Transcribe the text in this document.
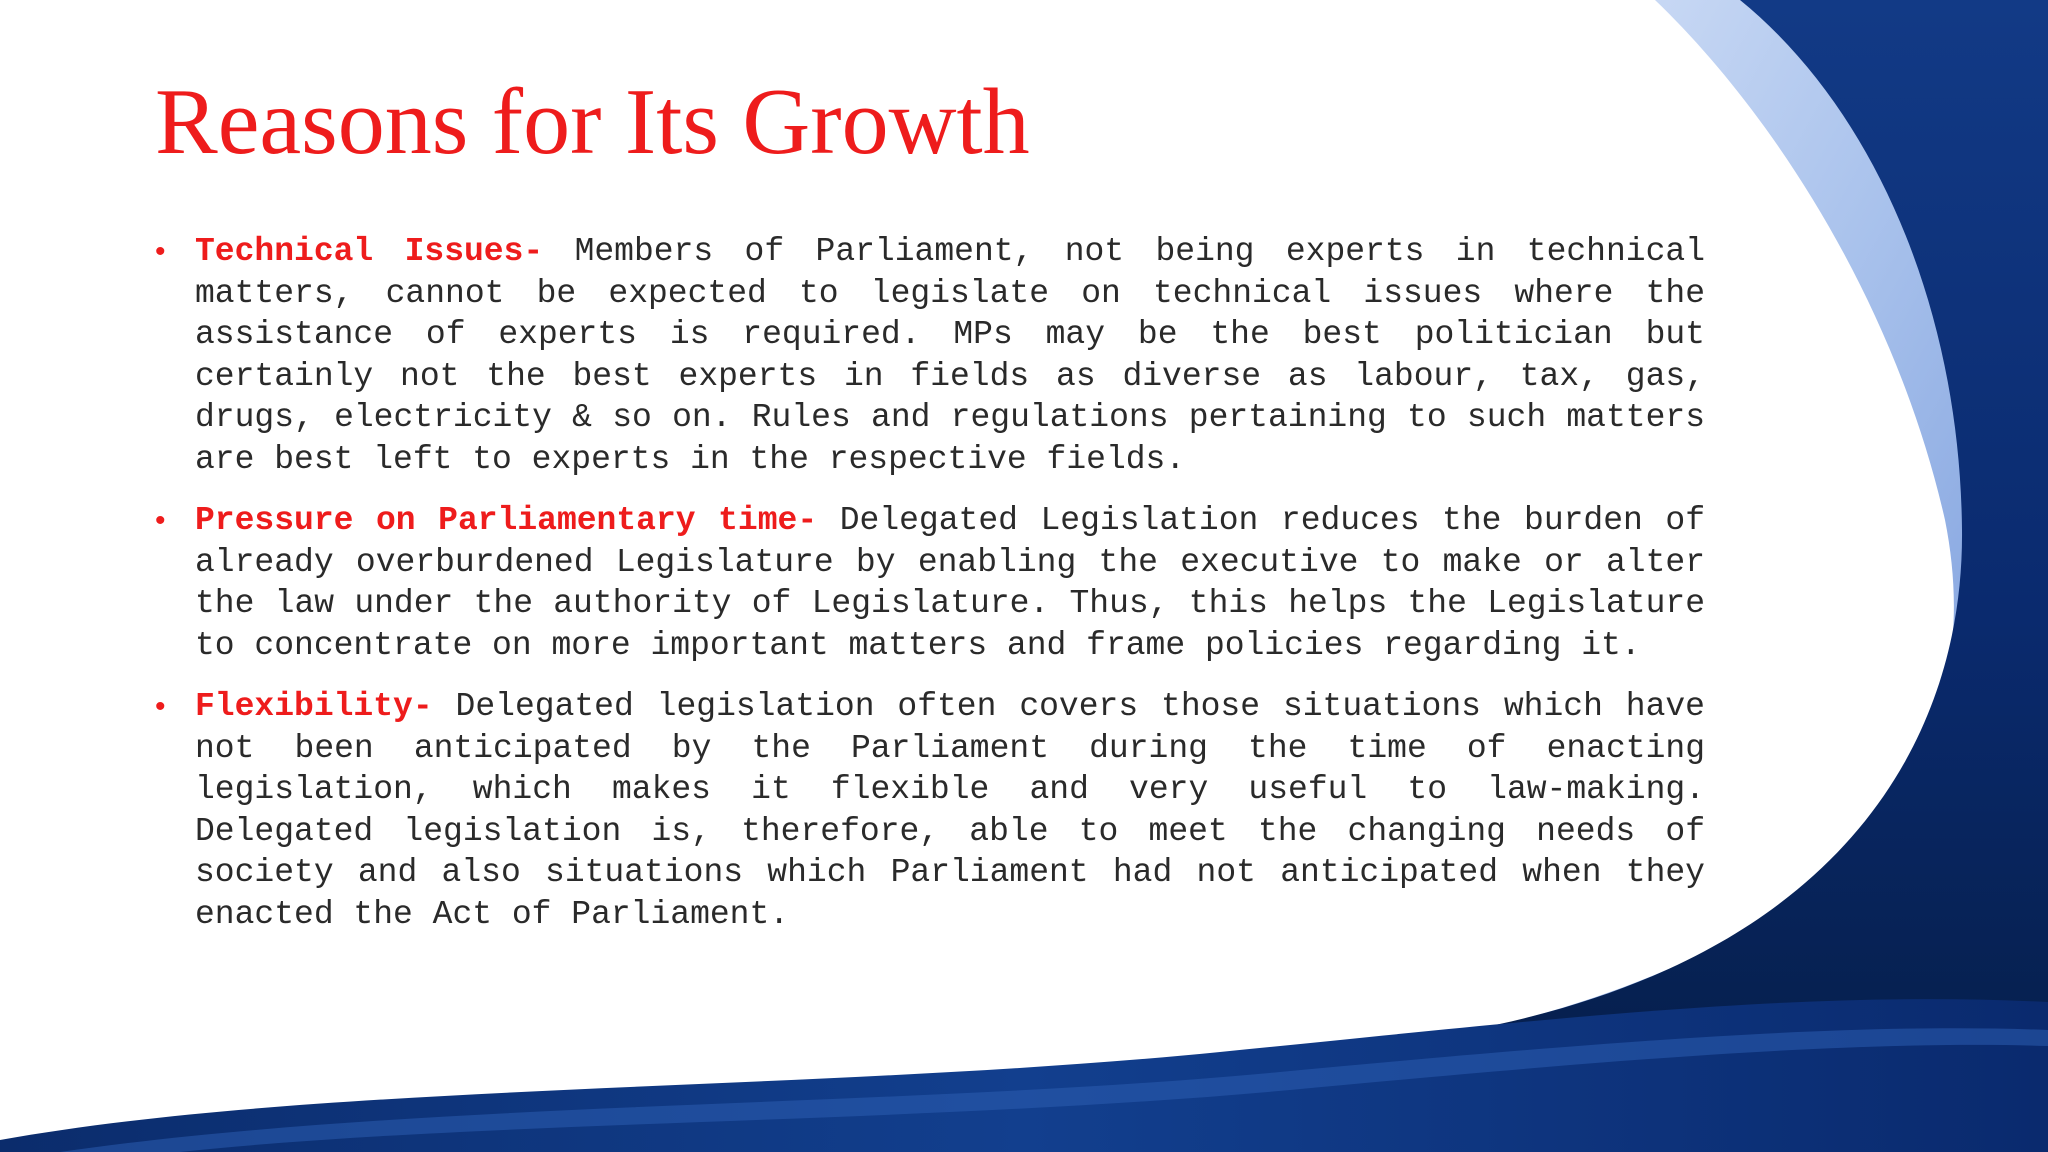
Reasons for Its Growth
• Technical Issues- Members of Parliament, not being experts in technical matters, cannot be expected to legislate on technical issues where the assistance of experts is required. MPs may be the best politician but certainly not the best experts in fields as diverse as labour, tax, gas, drugs, electricity & so on. Rules and regulations pertaining to such matters are best left to experts in the respective fields.

• Pressure on Parliamentary time- Delegated Legislation reduces the burden of already overburdened Legislature by enabling the executive to make or alter the law under the authority of Legislature. Thus, this helps the Legislature to concentrate on more important matters and frame policies regarding it.

• Flexibility- Delegated legislation often covers those situations which have not been anticipated by the Parliament during the time of enacting legislation, which makes it flexible and very useful to law-making. Delegated legislation is, therefore, able to meet the changing needs of society and also situations which Parliament had not anticipated when they enacted the Act of Parliament.
